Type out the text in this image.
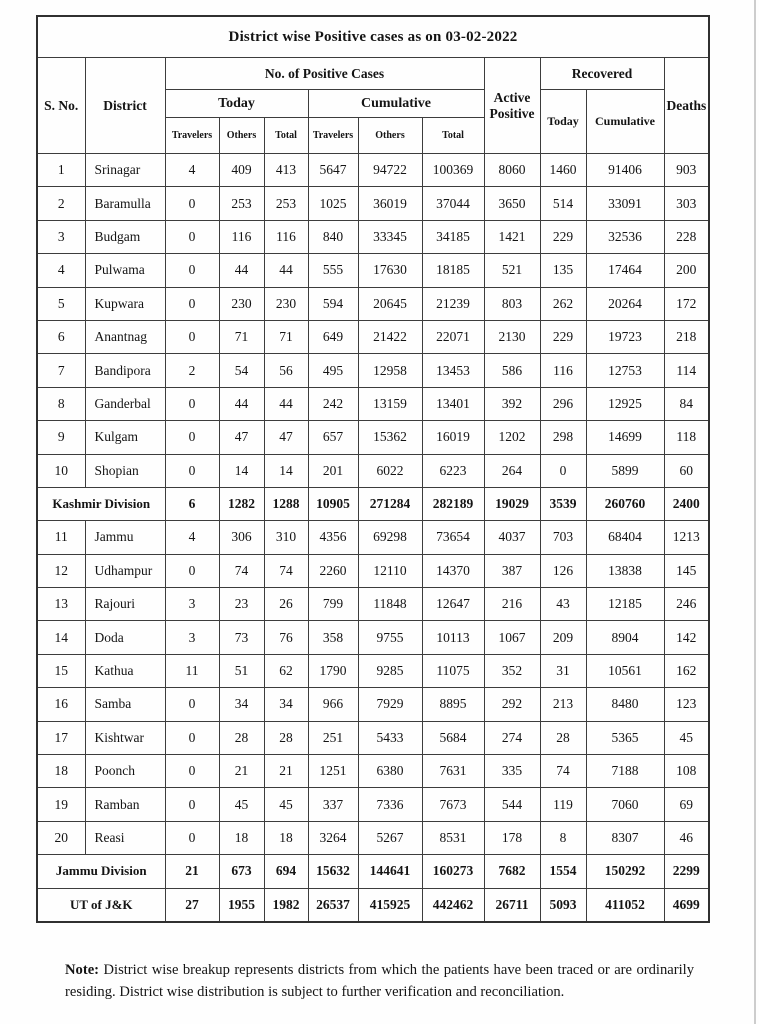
District wise Positive cases as on 03-02-2022											
S. No.	District	No. of Positive Cases						Active Positive	Recovered		Deaths
		Today			Cumulative				Today	Cumulative	
		Travelers	Others	Total	Travelers	Others	Total				
1	Srinagar	4	409	413	5647	94722	100369	8060	1460	91406	903
2	Baramulla	0	253	253	1025	36019	37044	3650	514	33091	303
3	Budgam	0	116	116	840	33345	34185	1421	229	32536	228
4	Pulwama	0	44	44	555	17630	18185	521	135	17464	200
5	Kupwara	0	230	230	594	20645	21239	803	262	20264	172
6	Anantnag	0	71	71	649	21422	22071	2130	229	19723	218
7	Bandipora	2	54	56	495	12958	13453	586	116	12753	114
8	Ganderbal	0	44	44	242	13159	13401	392	296	12925	84
9	Kulgam	0	47	47	657	15362	16019	1202	298	14699	118
10	Shopian	0	14	14	201	6022	6223	264	0	5899	60
Kashmir Division		6	1282	1288	10905	271284	282189	19029	3539	260760	2400
11	Jammu	4	306	310	4356	69298	73654	4037	703	68404	1213
12	Udhampur	0	74	74	2260	12110	14370	387	126	13838	145
13	Rajouri	3	23	26	799	11848	12647	216	43	12185	246
14	Doda	3	73	76	358	9755	10113	1067	209	8904	142
15	Kathua	11	51	62	1790	9285	11075	352	31	10561	162
16	Samba	0	34	34	966	7929	8895	292	213	8480	123
17	Kishtwar	0	28	28	251	5433	5684	274	28	5365	45
18	Poonch	0	21	21	1251	6380	7631	335	74	7188	108
19	Ramban	0	45	45	337	7336	7673	544	119	7060	69
20	Reasi	0	18	18	3264	5267	8531	178	8	8307	46
Jammu Division		21	673	694	15632	144641	160273	7682	1554	150292	2299
UT of J&K		27	1955	1982	26537	415925	442462	26711	5093	411052	4699
Note: District wise breakup represents districts from which the patients have been traced or are ordinarily residing. District wise distribution is subject to further verification and reconciliation.
